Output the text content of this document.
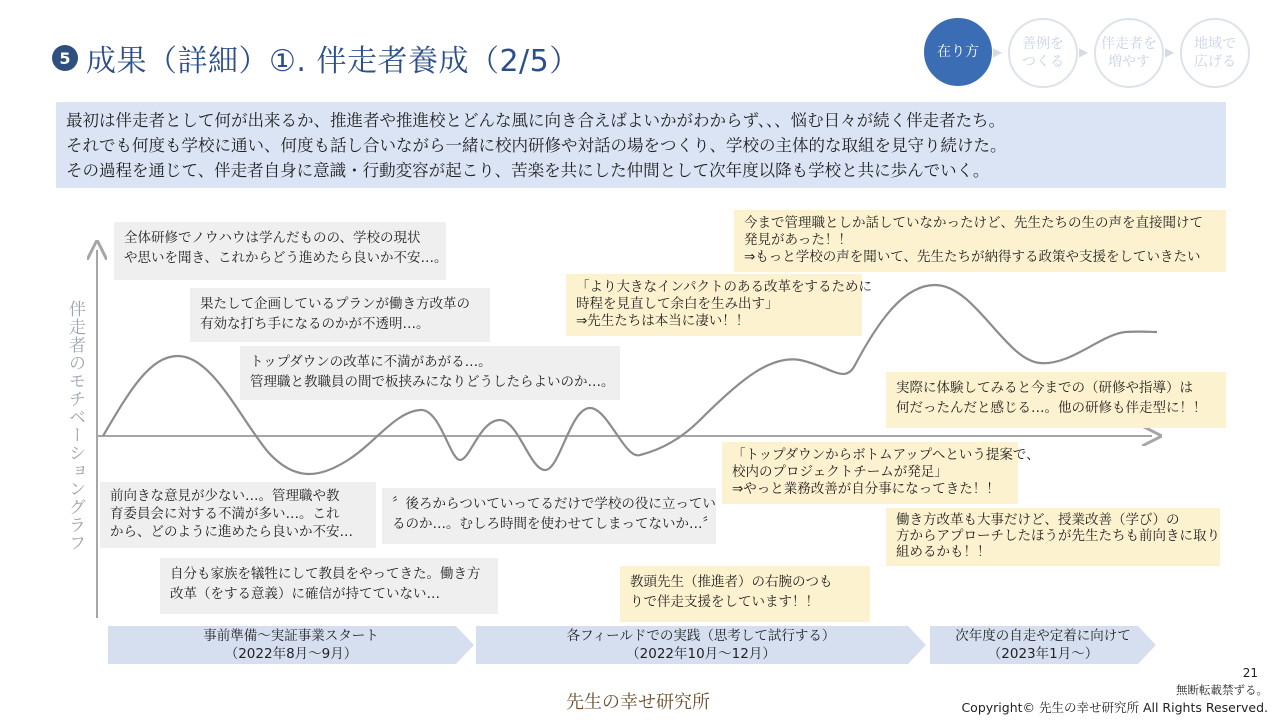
5 成果（詳細）①. 伴走者養成（2/5）	在り方	▶	善例を
つくる
▶ 伴走者を
増やす
▶	地域で
広げる
最初は伴走者として何が出来るか、推進者や推進校とどんな風に向き合えばよいかがわからず、、、悩む日々が続く伴走者たち。
それでも何度も学校に通い、何度も話し合いながら一緒に校内研修や対話の場をつくり、学校の主体的な取組を見守り続けた。
その過程を通じて、伴走者自身に意識・行動変容が起こり、苦楽を共にした仲間として次年度以降も学校と共に歩んでいく。
伴走者のモチベーショングラフ
全体研修でノウハウは学んだものの、学校の現状
や思いを聞き、これからどう進めたら良いか不安…。
果たして企画しているプランが働き方改革の
有効な打ち手になるのかが不透明…。
トップダウンの改革に不満があがる…。
管理職と教職員の間で板挟みになりどうしたらよいのか…。
前向きな意見が少ない…。管理職や教
育委員会に対する不満が多い…。これ
から、どのように進めたら良いか不安…
〞後ろからついていってるだけで学校の役に立ってい
るのか…。むしろ時間を使わせてしまってないか…〞
自分も家族を犠牲にして教員をやってきた。働き方
改革（をする意義）に確信が持てていない…
「より大きなインパクトのある改革をするために
時程を見直して余白を生み出す」
⇒先生たちは本当に凄い！！
今まで管理職としか話していなかったけど、先生たちの生の声を直接聞けて
発見があった！！
⇒もっと学校の声を聞いて、先生たちが納得する政策や支援をしていきたい
実際に体験してみると今までの（研修や指導）は
何だったんだと感じる…。他の研修も伴走型に！！
「トップダウンからボトムアップへという提案で、
校内のプロジェクトチームが発足」
⇒やっと業務改善が自分事になってきた！！
働き方改革も大事だけど、授業改善（学び）の
方からアプローチしたほうが先生たちも前向きに取り
組めるかも！！
教頭先生（推進者）の右腕のつも
りで伴走支援をしています！！
事前準備～実証事業スタート
（2022年8月～9月）
各フィールドでの実践（思考して試行する）
（2022年10月～12月）
次年度の自走や定着に向けて
（2023年1月～）
先生の幸せ研究所
21
無断転載禁ずる。
Copyright© 先生の幸せ研究所 All Rights Reserved.
